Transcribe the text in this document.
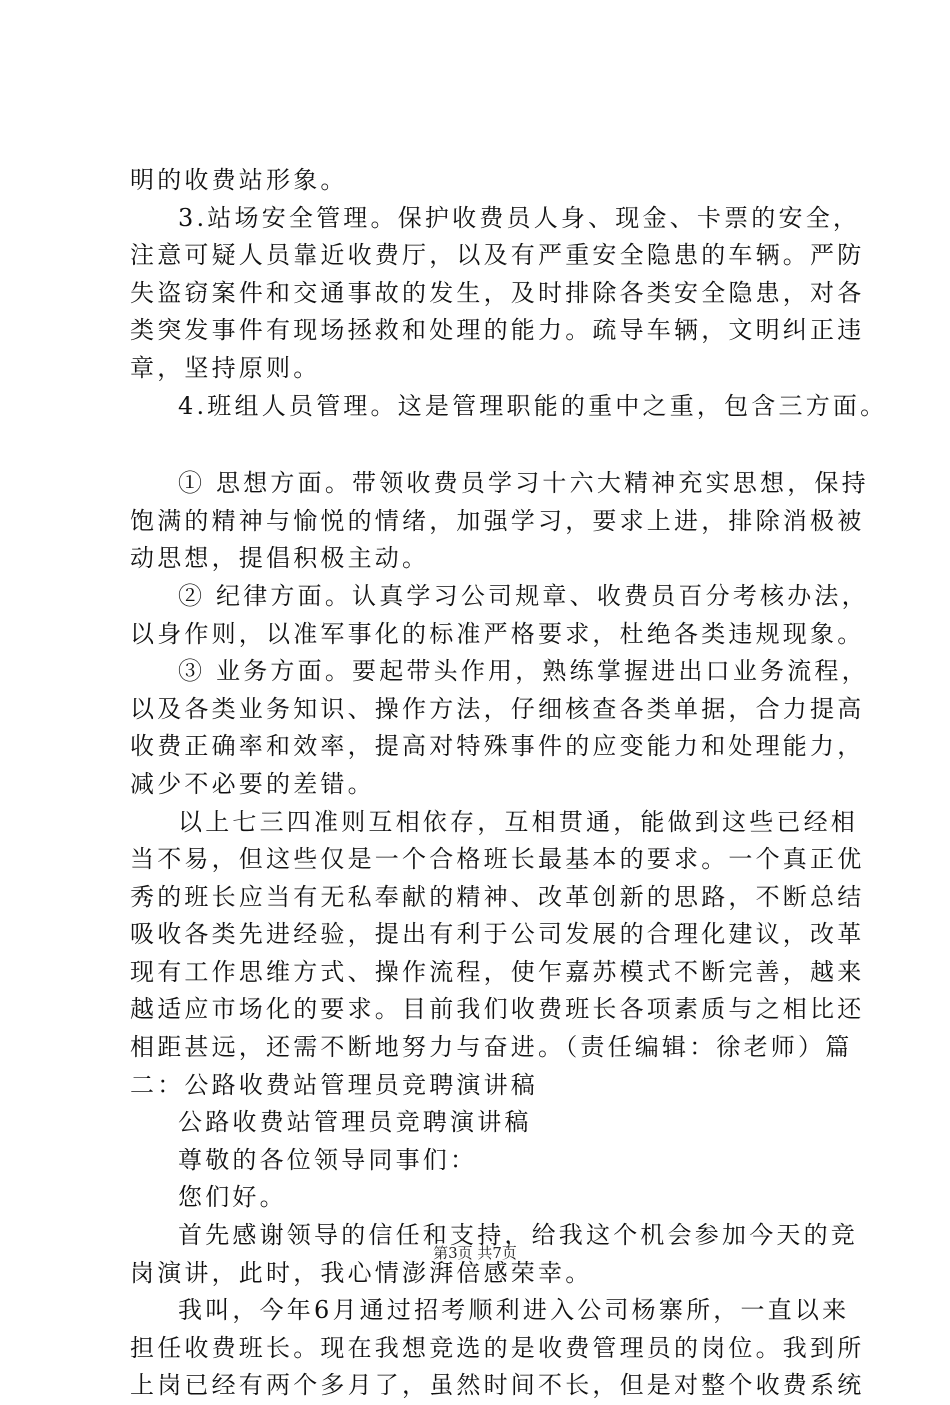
明的收费站形象。
3.站场安全管理。保护收费员人身、现金、卡票的安全，
注意可疑人员靠近收费厅，以及有严重安全隐患的车辆。严防
失盗窃案件和交通事故的发生，及时排除各类安全隐患，对各
类突发事件有现场拯救和处理的能力。疏导车辆，文明纠正违
章，坚持原则。
4.班组人员管理。这是管理职能的重中之重，包含三方面。
① 思想方面。带领收费员学习十六大精神充实思想，保持
饱满的精神与愉悦的情绪，加强学习，要求上进，排除消极被
动思想，提倡积极主动。
② 纪律方面。认真学习公司规章、收费员百分考核办法，
以身作则，以准军事化的标准严格要求，杜绝各类违规现象。
③ 业务方面。要起带头作用，熟练掌握进出口业务流程，
以及各类业务知识、操作方法，仔细核查各类单据，合力提高
收费正确率和效率，提高对特殊事件的应变能力和处理能力，
减少不必要的差错。
以上七三四准则互相依存，互相贯通，能做到这些已经相
当不易，但这些仅是一个合格班长最基本的要求。一个真正优
秀的班长应当有无私奉献的精神、改革创新的思路，不断总结
吸收各类先进经验，提出有利于公司发展的合理化建议，改革
现有工作思维方式、操作流程，使乍嘉苏模式不断完善，越来
越适应市场化的要求。目前我们收费班长各项素质与之相比还
相距甚远，还需不断地努力与奋进。（责任编辑：徐老师）篇
二：公路收费站管理员竞聘演讲稿
公路收费站管理员竞聘演讲稿
尊敬的各位领导同事们：
您们好。
首先感谢领导的信任和支持，给我这个机会参加今天的竞
岗演讲，此时，我心情澎湃倍感荣幸。
我叫，今年6月通过招考顺利进入公司杨寨所，一直以来
担任收费班长。现在我想竞选的是收费管理员的岗位。我到所
上岗已经有两个多月了，虽然时间不长，但是对整个收费系统
第3页 共7页
